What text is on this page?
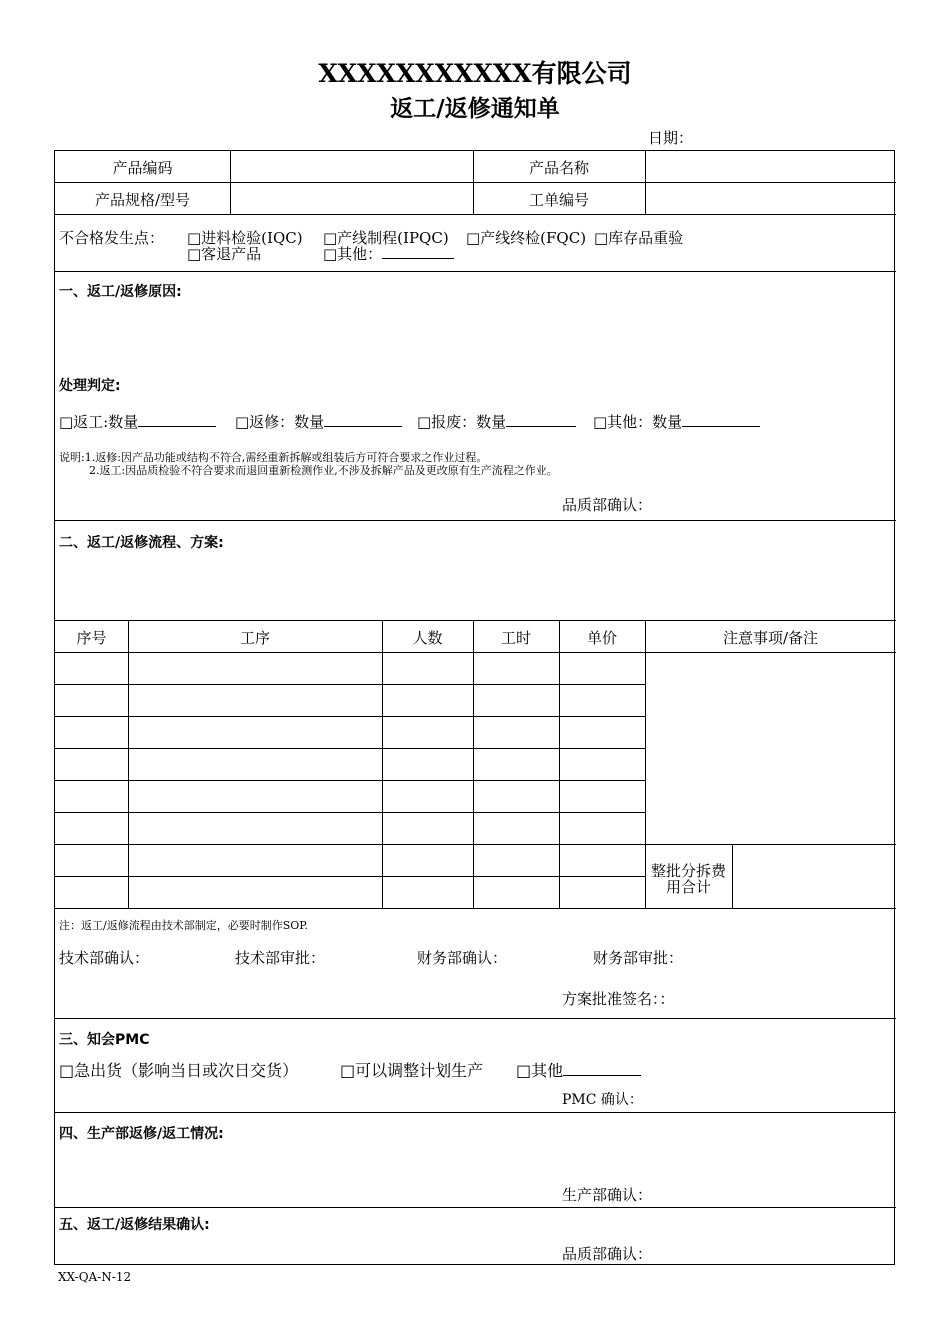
XXXXXXXXXXX有限公司
返工/返修通知单
日期：
产品编码	产品名称
产品规格/型号	工单编号
不合格发生点： □进料检验(IQC) □产线制程(IPQC) □产线终检(FQC) □库存品重验
□客退产品	□其他：
一、返工/返修原因:
处理判定:
□返工:数量	□返修：数量	□报废：数量	□其他：数量
说明:1.返修:因产品功能或结构不符合,需经重新拆解或组装后方可符合要求之作业过程。
2.返工:因品质检验不符合要求而退回重新检测作业,不涉及拆解产品及更改原有生产流程之作业。
品质部确认：
二、返工/返修流程、方案:
序号	工序	人数	工时	单价	注意事项/备注
整批分拆费
用合计
注：返工/返修流程由技术部制定，必要时制作SOP.
技术部确认：	技术部审批：	财务部确认：	财务部审批：
方案批准签名：：
三、知会PMC
□急出货（影响当日或次日交货）	□可以调整计划生产 □其他
PMC 确认：
四、生产部返修/返工情况:
生产部确认：
五、返工/返修结果确认:
品质部确认：
XX-QA-N-12
